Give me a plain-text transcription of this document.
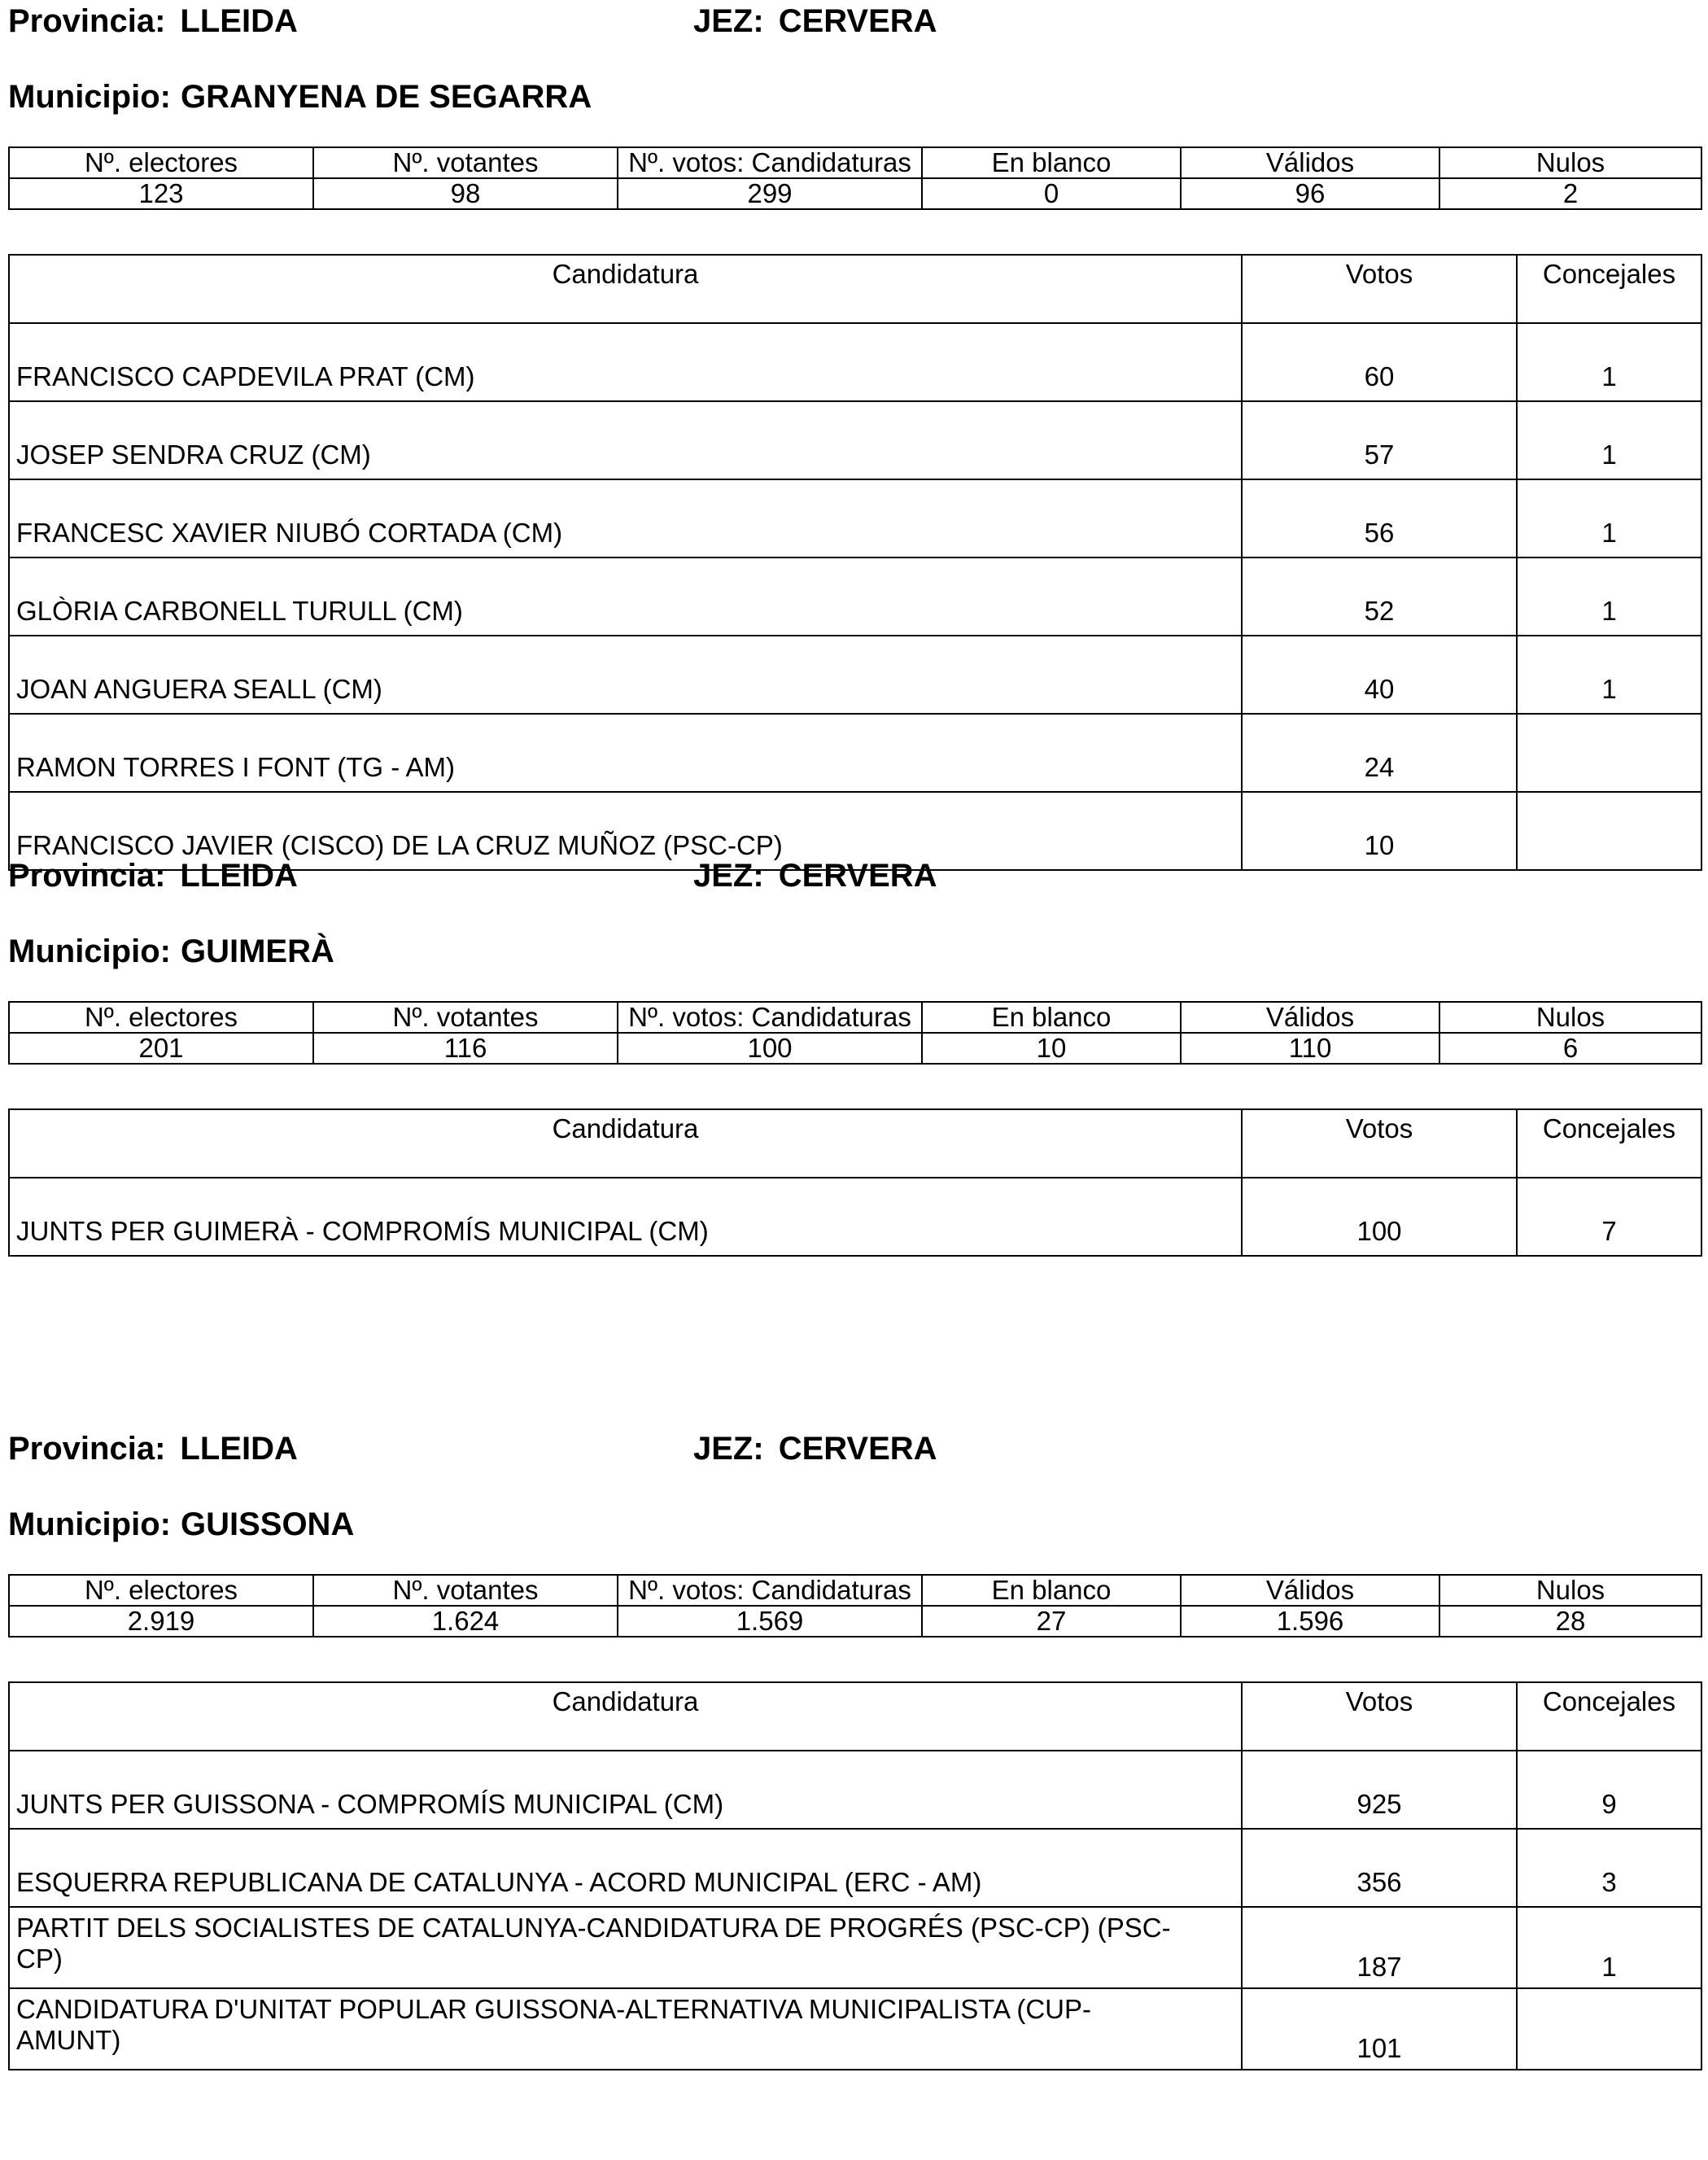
Provincia: LLEIDA	JEZ: CERVERA
Municipio: GRANYENA DE SEGARRA
Nº. electores	Nº. votantes	Nº. votos: Candidaturas	En blanco	Válidos	Nulos
123	98	299	0	96	2
Candidatura	Votos	Concejales
FRANCISCO CAPDEVILA PRAT (CM)	60	1
JOSEP SENDRA CRUZ (CM)	57	1
FRANCESC XAVIER NIUBÓ CORTADA (CM)	56	1
GLÒRIA CARBONELL TURULL (CM)	52	1
JOAN ANGUERA SEALL (CM)	40	1
RAMON TORRES I FONT (TG - AM)	24	
FRANCISCO JAVIER (CISCO) DE LA CRUZ MUÑOZ (PSC-CP)	10	
Provincia: LLEIDA	JEZ: CERVERA
Municipio: GUIMERÀ
Nº. electores	Nº. votantes	Nº. votos: Candidaturas	En blanco	Válidos	Nulos
201	116	100	10	110	6
Candidatura	Votos	Concejales
JUNTS PER GUIMERÀ - COMPROMÍS MUNICIPAL (CM)	100	7
Provincia: LLEIDA	JEZ: CERVERA
Municipio: GUISSONA
Nº. electores	Nº. votantes	Nº. votos: Candidaturas	En blanco	Válidos	Nulos
2.919	1.624	1.569	27	1.596	28
Candidatura	Votos	Concejales
JUNTS PER GUISSONA - COMPROMÍS MUNICIPAL (CM)	925	9
ESQUERRA REPUBLICANA DE CATALUNYA - ACORD MUNICIPAL (ERC - AM)	356	3
PARTIT DELS SOCIALISTES DE CATALUNYA-CANDIDATURA DE PROGRÉS (PSC-CP) (PSC-CP)	187	1
CANDIDATURA D'UNITAT POPULAR GUISSONA-ALTERNATIVA MUNICIPALISTA (CUP-AMUNT)	101	
